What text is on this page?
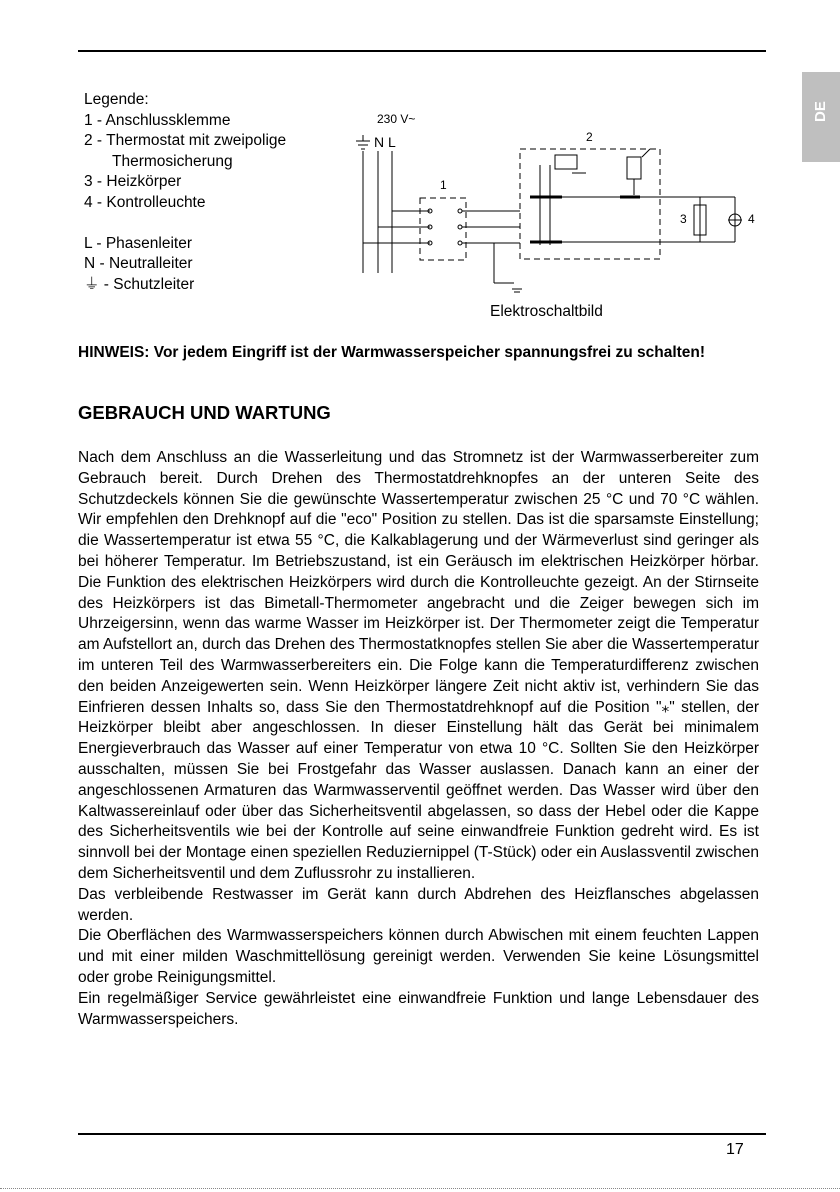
DE
Legende:
1 - Anschlussklemme
2 - Thermostat mit zweipolige
Thermosicherung
3 - Heizkörper
4 - Kontrolleuchte
L - Phasenleiter
N - Neutralleiter
⏚ - Schutzleiter
230 V~
N L
1
2
3	4
Elektroschaltbild
HINWEIS: Vor jedem Eingriff ist der Warmwasserspeicher spannungsfrei zu schalten!
GEBRAUCH UND WARTUNG

Nach dem Anschluss an die Wasserleitung und das Stromnetz ist der Warmwasserbereiter zum Gebrauch bereit. Durch Drehen des Thermostatdrehknopfes an der unteren Seite des Schutzdeckels können Sie die gewünschte Wassertemperatur zwischen 25 °C und 70 °C wählen. Wir empfehlen den Drehknopf auf die "eco" Position zu stellen. Das ist die sparsamste Einstellung; die Wassertemperatur ist etwa 55 °C, die Kalkablagerung und der Wärmeverlust sind geringer als bei höherer Temperatur. Im Betriebszustand, ist ein Geräusch im elektrischen Heizkörper hörbar. Die Funktion des elektrischen Heizkörpers wird durch die Kontrolleuchte gezeigt. An der Stirnseite des Heizkörpers ist das Bimetall-Thermometer angebracht und die Zeiger bewegen sich im Uhrzeigersinn, wenn das warme Wasser im Heizkörper ist. Der Thermometer zeigt die Temperatur am Aufstellort an, durch das Drehen des Thermostatknopfes stellen Sie aber die Wassertemperatur im unteren Teil des Warmwasserbereiters ein. Die Folge kann die Temperaturdifferenz zwischen den beiden Anzeigewerten sein. Wenn Heizkörper längere Zeit nicht aktiv ist, verhindern Sie das Einfrieren dessen Inhalts so, dass Sie den Thermostatdrehknopf auf die Position "⁎" stellen, der Heizkörper bleibt aber angeschlossen. In dieser Einstellung hält das Gerät bei minimalem Energieverbrauch das Wasser auf einer Temperatur von etwa 10 °C. Sollten Sie den Heizkörper ausschalten, müssen Sie bei Frostgefahr das Wasser auslassen. Danach kann an einer der angeschlossenen Armaturen das Warmwasserventil geöffnet werden. Das Wasser wird über den Kaltwassereinlauf oder über das Sicherheitsventil abgelassen, so dass der Hebel oder die Kappe des Sicherheitsventils wie bei der Kontrolle auf seine einwandfreie Funktion gedreht wird. Es ist sinnvoll bei der Montage einen speziellen Reduziernippel (T-Stück) oder ein Auslassventil zwischen dem Sicherheitsventil und dem Zuflussrohr zu installieren.

Das verbleibende Restwasser im Gerät kann durch Abdrehen des Heizflansches abgelassen werden.

Die Oberflächen des Warmwasserspeichers können durch Abwischen mit einem feuchten Lappen und mit einer milden Waschmittellösung gereinigt werden. Verwenden Sie keine Lösungsmittel oder grobe Reinigungsmittel.

Ein regelmäßiger Service gewährleistet eine einwandfreie Funktion und lange Lebensdauer des Warmwasserspeichers.

17
